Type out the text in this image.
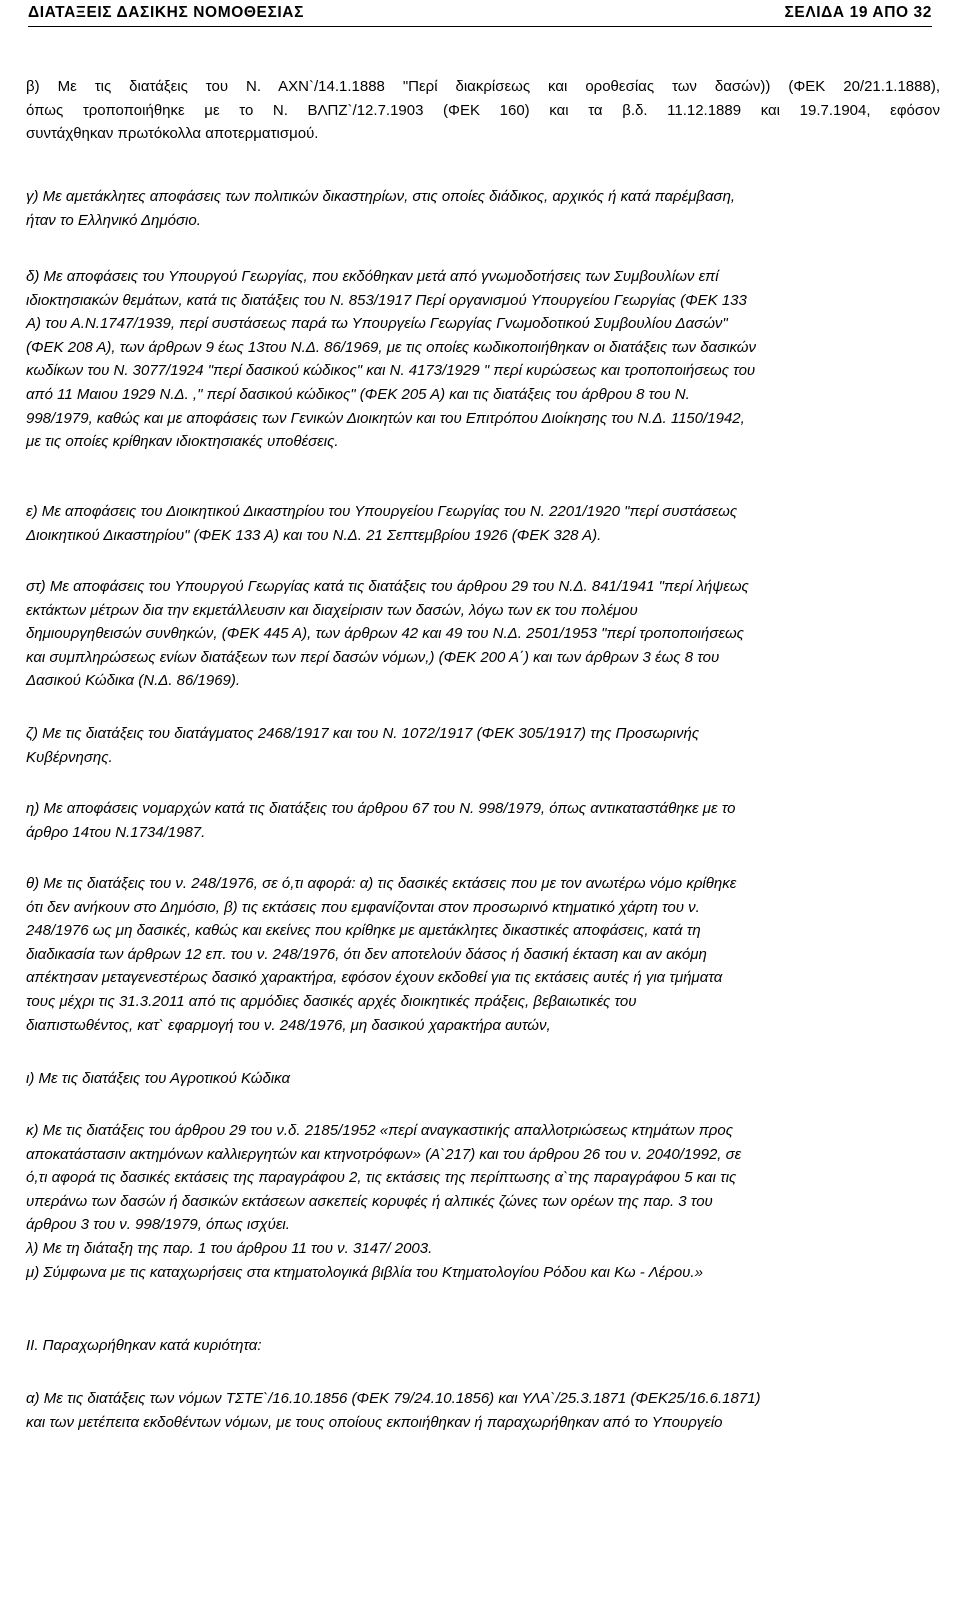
ΔΙΑΤΑΞΕΙΣ ΔΑΣΙΚΗΣ ΝΟΜΟΘΕΣΙΑΣ	ΣΕΛΙΔΑ 19 ΑΠΟ 32
β) Με τις διατάξεις του Ν. ΑΧΝ`/14.1.1888 "Περί διακρίσεως και οροθεσίας των δασών)) (ΦΕΚ 20/21.1.1888),
όπως τροποποιήθηκε με το Ν. ΒΛΠΖ`/12.7.1903 (ΦΕΚ 160) και τα β.δ. 11.12.1889 και 19.7.1904, εφόσον
συντάχθηκαν πρωτόκολλα αποτερματισμού.
γ) Με αμετάκλητες αποφάσεις των πολιτικών δικαστηρίων, στις οποίες διάδικος, αρχικός ή κατά παρέμβαση,
ήταν το Ελληνικό Δημόσιο.
δ) Με αποφάσεις του Υπουργού Γεωργίας, που εκδόθηκαν μετά από γνωμοδοτήσεις των Συμβουλίων επί
ιδιοκτησιακών θεμάτων, κατά τις διατάξεις του Ν. 853/1917 Περί οργανισμού Υπουργείου Γεωργίας (ΦΕΚ 133
Α) του Α.Ν.1747/1939, περί συστάσεως παρά τω Υπουργείω Γεωργίας Γνωμοδοτικού Συμβουλίου Δασών"
(ΦΕΚ 208 Α), των άρθρων 9 έως 13του Ν.Δ. 86/1969, με τις οποίες κωδικοποιήθηκαν οι διατάξεις των δασικών
κωδίκων του Ν. 3077/1924 "περί δασικού κώδικος" και Ν. 4173/1929 " περί κυρώσεως και τροποποιήσεως του
από 11 Μαιου 1929 Ν.Δ. ," περί δασικού κώδικος" (ΦΕΚ 205 Α) και τις διατάξεις του άρθρου 8 του Ν.
998/1979, καθώς και με αποφάσεις των Γενικών Διοικητών και του Επιτρόπου Διοίκησης του Ν.Δ. 1150/1942,
με τις οποίες κρίθηκαν ιδιοκτησιακές υποθέσεις.
ε) Με αποφάσεις του Διοικητικού Δικαστηρίου του Υπουργείου Γεωργίας του Ν. 2201/1920 "περί συστάσεως
Διοικητικού Δικαστηρίου" (ΦΕΚ 133 Α) και του Ν.Δ. 21 Σεπτεμβρίου 1926 (ΦΕΚ 328 Α).
στ) Με αποφάσεις του Υπουργού Γεωργίας κατά τις διατάξεις του άρθρου 29 του Ν.Δ. 841/1941 "περί λήψεως
εκτάκτων μέτρων δια την εκμετάλλευσιν και διαχείρισιν των δασών, λόγω των εκ του πολέμου
δημιουργηθεισών συνθηκών, (ΦΕΚ 445 Α), των άρθρων 42 και 49 του Ν.Δ. 2501/1953 "περί τροποποιήσεως
και συμπληρώσεως ενίων διατάξεων των περί δασών νόμων,) (ΦΕΚ 200 Α΄) και των άρθρων 3 έως 8 του
Δασικού Κώδικα (Ν.Δ. 86/1969).
ζ) Με τις διατάξεις του διατάγματος 2468/1917 και του Ν. 1072/1917 (ΦΕΚ 305/1917) της Προσωρινής
Κυβέρνησης.
η) Με αποφάσεις νομαρχών κατά τις διατάξεις του άρθρου 67 του Ν. 998/1979, όπως αντικαταστάθηκε με το
άρθρο 14του Ν.1734/1987.
θ) Με τις διατάξεις του ν. 248/1976, σε ό,τι αφορά: α) τις δασικές εκτάσεις που με τον ανωτέρω νόμο κρίθηκε
ότι δεν ανήκουν στο Δημόσιο, β) τις εκτάσεις που εμφανίζονται στον προσωρινό κτηματικό χάρτη του ν.
248/1976 ως μη δασικές, καθώς και εκείνες που κρίθηκε με αμετάκλητες δικαστικές αποφάσεις, κατά τη
διαδικασία των άρθρων 12 επ. του ν. 248/1976, ότι δεν αποτελούν δάσος ή δασική έκταση και αν ακόμη
απέκτησαν μεταγενεστέρως δασικό χαρακτήρα, εφόσον έχουν εκδοθεί για τις εκτάσεις αυτές ή για τμήματα
τους μέχρι τις 31.3.2011 από τις αρμόδιες δασικές αρχές διοικητικές πράξεις, βεβαιωτικές του
διαπιστωθέντος, κατ` εφαρμογή του ν. 248/1976, μη δασικού χαρακτήρα αυτών,
ι) Με τις διατάξεις του Αγροτικού Κώδικα
κ) Με τις διατάξεις του άρθρου 29 του ν.δ. 2185/1952 «περί αναγκαστικής απαλλοτριώσεως κτημάτων προς
αποκατάστασιν ακτημόνων καλλιεργητών και κτηνοτρόφων» (Α`217) και του άρθρου 26 του ν. 2040/1992, σε
ό,τι αφορά τις δασικές εκτάσεις της παραγράφου 2, τις εκτάσεις της περίπτωσης α`της παραγράφου 5 και τις
υπεράνω των δασών ή δασικών εκτάσεων ασκεπείς κορυφές ή αλπικές ζώνες των ορέων της παρ. 3 του
άρθρου 3 του ν. 998/1979, όπως ισχύει.
λ) Με τη διάταξη της παρ. 1 του άρθρου 11 του ν. 3147/ 2003.
μ) Σύμφωνα με τις καταχωρήσεις στα κτηματολογικά βιβλία του Κτηματολογίου Ρόδου και Κω - Λέρου.»
ΙΙ. Παραχωρήθηκαν κατά κυριότητα:
α) Με τις διατάξεις των νόμων ΤΣΤΕ`/16.10.1856 (ΦΕΚ 79/24.10.1856) και ΥΛΑ`/25.3.1871 (ΦΕΚ25/16.6.1871)
και των μετέπειτα εκδοθέντων νόμων, με τους οποίους εκποιήθηκαν ή παραχωρήθηκαν από το Υπουργείο
